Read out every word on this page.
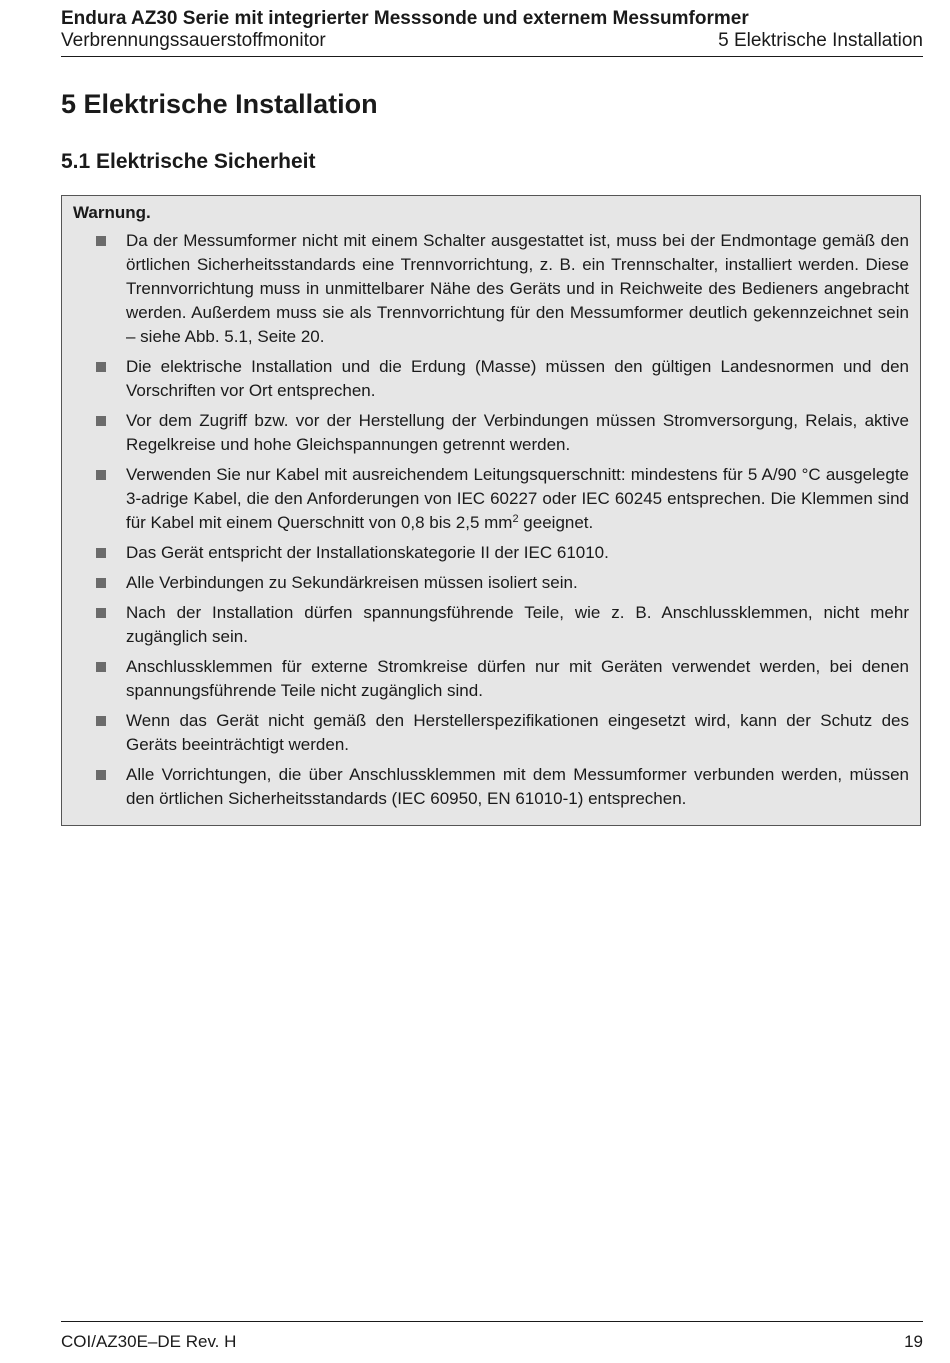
Endura AZ30 Serie mit integrierter Messsonde und externem Messumformer
Verbrennungssauerstoffmonitor	5 Elektrische Installation
5 Elektrische Installation
5.1 Elektrische Sicherheit
Warnung.
Da der Messumformer nicht mit einem Schalter ausgestattet ist, muss bei der Endmontage gemäß den örtlichen Sicherheitsstandards eine Trennvorrichtung, z. B. ein Trennschalter, installiert werden. Diese Trennvorrichtung muss in unmittelbarer Nähe des Geräts und in Reichweite des Bedieners angebracht werden. Außerdem muss sie als Trennvorrichtung für den Messumformer deutlich gekennzeichnet sein – siehe Abb. 5.1, Seite 20.
Die elektrische Installation und die Erdung (Masse) müssen den gültigen Landesnormen und den Vorschriften vor Ort entsprechen.
Vor dem Zugriff bzw. vor der Herstellung der Verbindungen müssen Stromversorgung, Relais, aktive Regelkreise und hohe Gleichspannungen getrennt werden.
Verwenden Sie nur Kabel mit ausreichendem Leitungsquerschnitt: mindestens für 5 A/90 °C ausgelegte 3-adrige Kabel, die den Anforderungen von IEC 60227 oder IEC 60245 entsprechen. Die Klemmen sind für Kabel mit einem Querschnitt von 0,8 bis 2,5 $mm^2$ geeignet.
Das Gerät entspricht der Installationskategorie II der IEC 61010.
Alle Verbindungen zu Sekundärkreisen müssen isoliert sein.
Nach der Installation dürfen spannungsführende Teile, wie z. B. Anschlussklemmen, nicht mehr zugänglich sein.
Anschlussklemmen für externe Stromkreise dürfen nur mit Geräten verwendet werden, bei denen spannungsführende Teile nicht zugänglich sind.
Wenn das Gerät nicht gemäß den Herstellerspezifikationen eingesetzt wird, kann der Schutz des Geräts beeinträchtigt werden.
Alle Vorrichtungen, die über Anschlussklemmen mit dem Messumformer verbunden werden, müssen den örtlichen Sicherheitsstandards (IEC 60950, EN 61010-1) entsprechen.
COI/AZ30E–DE Rev. H	19
